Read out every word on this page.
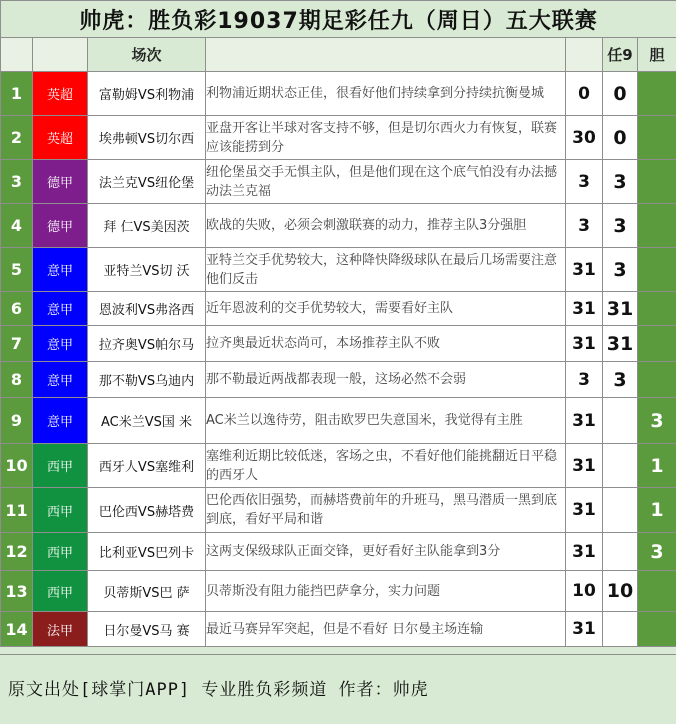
帅虎：胜负彩19037期足彩任九（周日）五大联赛						
		场次			任9	胆
1	英超	富勒姆VS利物浦	利物浦近期状态正佳，很看好他们持续拿到分持续抗衡曼城	0	0	
2	英超	埃弗顿VS切尔西	亚盘开客让半球对客支持不够，但是切尔西火力有恢复，联赛应该能捞到分	30	0	
3	德甲	法兰克VS纽伦堡	纽伦堡虽交手无惧主队，但是他们现在这个底气怕没有办法撼动法兰克福	3	3	
4	德甲	拜 仁VS美因茨	欧战的失败，必须会刺激联赛的动力，推荐主队3分强胆	3	3	
5	意甲	亚特兰VS切 沃	亚特兰交手优势较大，这种降快降级球队在最后几场需要注意他们反击	31	3	
6	意甲	恩波利VS弗洛西	近年恩波利的交手优势较大，需要看好主队	31	31	
7	意甲	拉齐奥VS帕尔马	拉齐奥最近状态尚可，本场推荐主队不败	31	31	
8	意甲	那不勒VS乌迪内	那不勒最近两战都表现一般，这场必然不会弱	3	3	
9	意甲	AC米兰VS国 米	AC米兰以逸待劳，阻击欧罗巴失意国米，我觉得有主胜	31		3
10	西甲	西牙人VS塞维利	塞维利近期比较低迷，客场之虫，不看好他们能挑翻近日平稳的西牙人	31		1
11	西甲	巴伦西VS赫塔费	巴伦西依旧强势，而赫塔费前年的升班马，黑马潜质一黑到底到底，看好平局和谐	31		1
12	西甲	比利亚VS巴列卡	这两支保级球队正面交锋，更好看好主队能拿到3分	31		3
13	西甲	贝蒂斯VS巴 萨	贝蒂斯没有阻力能挡巴萨拿分，实力问题	10	10	
14	法甲	日尔曼VS马 赛	最近马赛异军突起，但是不看好 日尔曼主场连输	31		
原文出处[球掌门APP] 专业胜负彩频道 作者：帅虎
